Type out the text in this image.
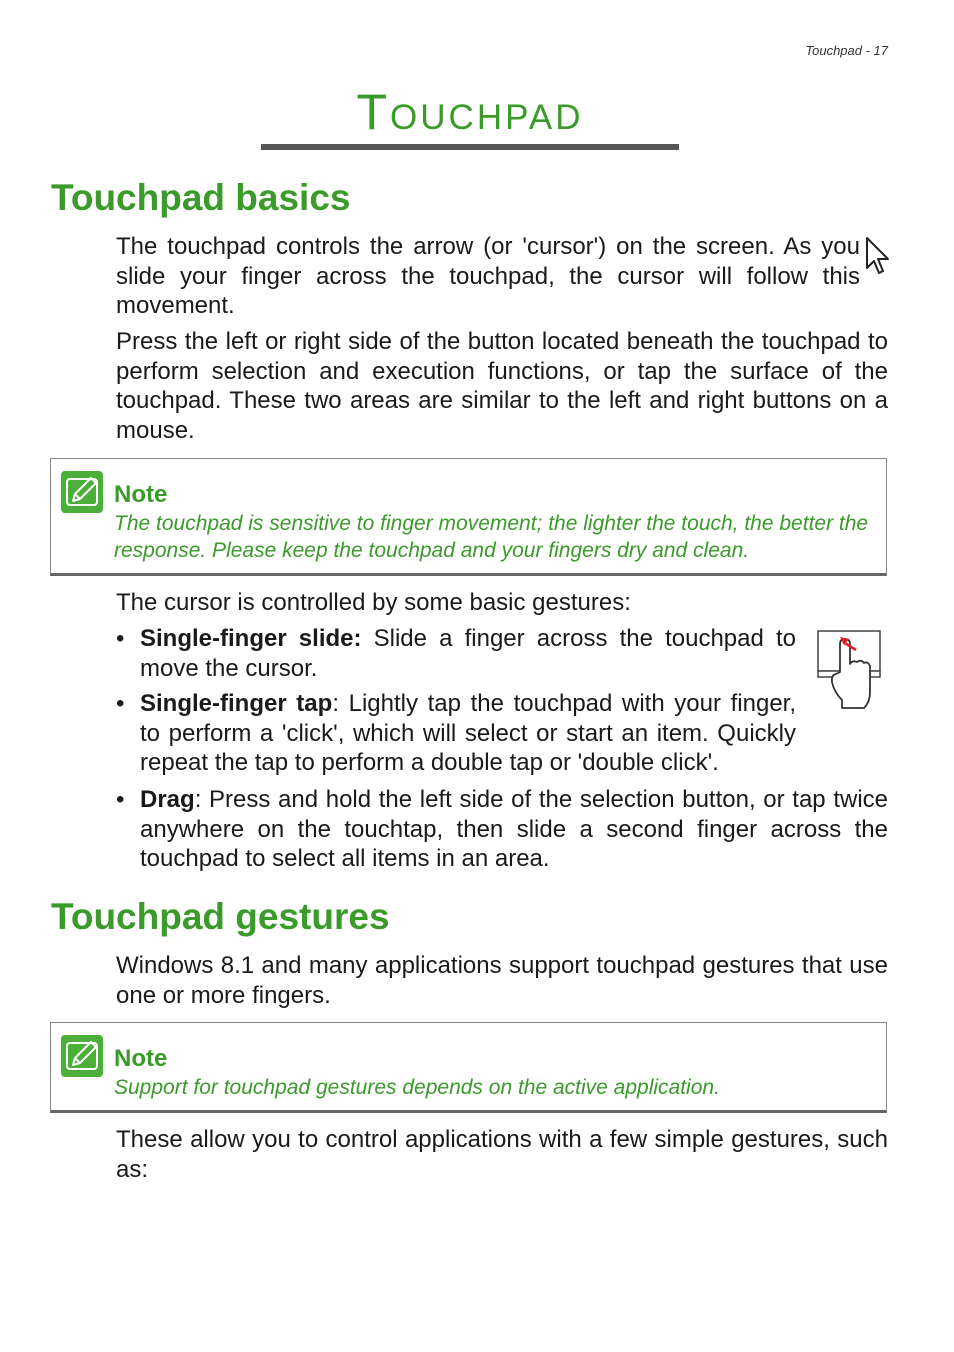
Touchpad - 17
Touchpad
Touchpad basics

The touchpad controls the arrow (or 'cursor') on the screen. As you slide your finger across the touchpad, the cursor will follow this movement.

Press the left or right side of the button located beneath the touchpad to perform selection and execution functions, or tap the surface of the touchpad. These two areas are similar to the left and right buttons on a mouse.

Note
The touchpad is sensitive to finger movement; the lighter the touch, the better the response. Please keep the touchpad and your fingers dry and clean.

The cursor is controlled by some basic gestures:

• Single-finger slide: Slide a finger across the touchpad to move the cursor.
• Single-finger tap: Lightly tap the touchpad with your finger, to perform a 'click', which will select or start an item. Quickly repeat the tap to perform a double tap or 'double click'.
• Drag: Press and hold the left side of the selection button, or tap twice anywhere on the touchtap, then slide a second finger across the touchpad to select all items in an area.
Touchpad gestures

Windows 8.1 and many applications support touchpad gestures that use one or more fingers.

Note
Support for touchpad gestures depends on the active application.

These allow you to control applications with a few simple gestures, such as:
